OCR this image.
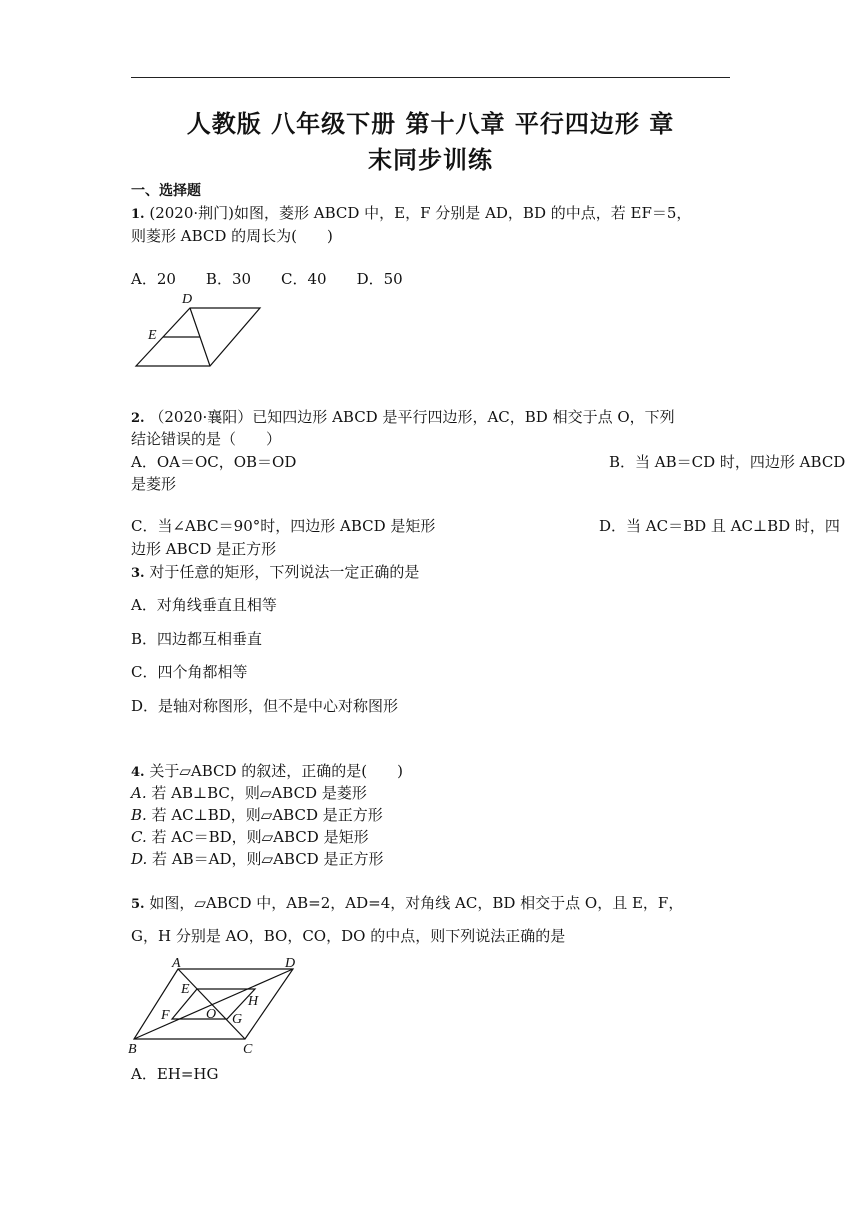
人教版 八年级下册 第十八章 平行四边形 章
末同步训练
一、选择题
1. (2020·荆门)如图，菱形 ABCD 中，E，F 分别是 AD，BD 的中点，若 EF＝5，
则菱形 ABCD 的周长为(　　)
A．20　　B．30　　C．40　　D．50
D
E
2. （2020·襄阳）已知四边形 ABCD 是平行四边形，AC，BD 相交于点 O，下列
结论错误的是（　　）
A．OA＝OC，OB＝OD	B．当 AB＝CD 时，四边形 ABCD
是菱形
C．当∠ABC＝90°时，四边形 ABCD 是矩形	D．当 AC＝BD 且 AC⊥BD 时，四
边形 ABCD 是正方形
3. 对于任意的矩形，下列说法一定正确的是
A．对角线垂直且相等
B．四边都互相垂直
C．四个角都相等
D．是轴对称图形，但不是中心对称图形
4. 关于▱ABCD 的叙述，正确的是(　　)
A. 若 AB⊥BC，则▱ABCD 是菱形
B. 若 AC⊥BD，则▱ABCD 是正方形
C. 若 AC＝BD，则▱ABCD 是矩形
D. 若 AB＝AD，则▱ABCD 是正方形
5. 如图，▱ABCD 中，AB=2，AD=4，对角线 AC，BD 相交于点 O，且 E，F，
G，H 分别是 AO，BO，CO，DO 的中点，则下列说法正确的是
A	D
E
H
F	O G
B	C
A．EH=HG
